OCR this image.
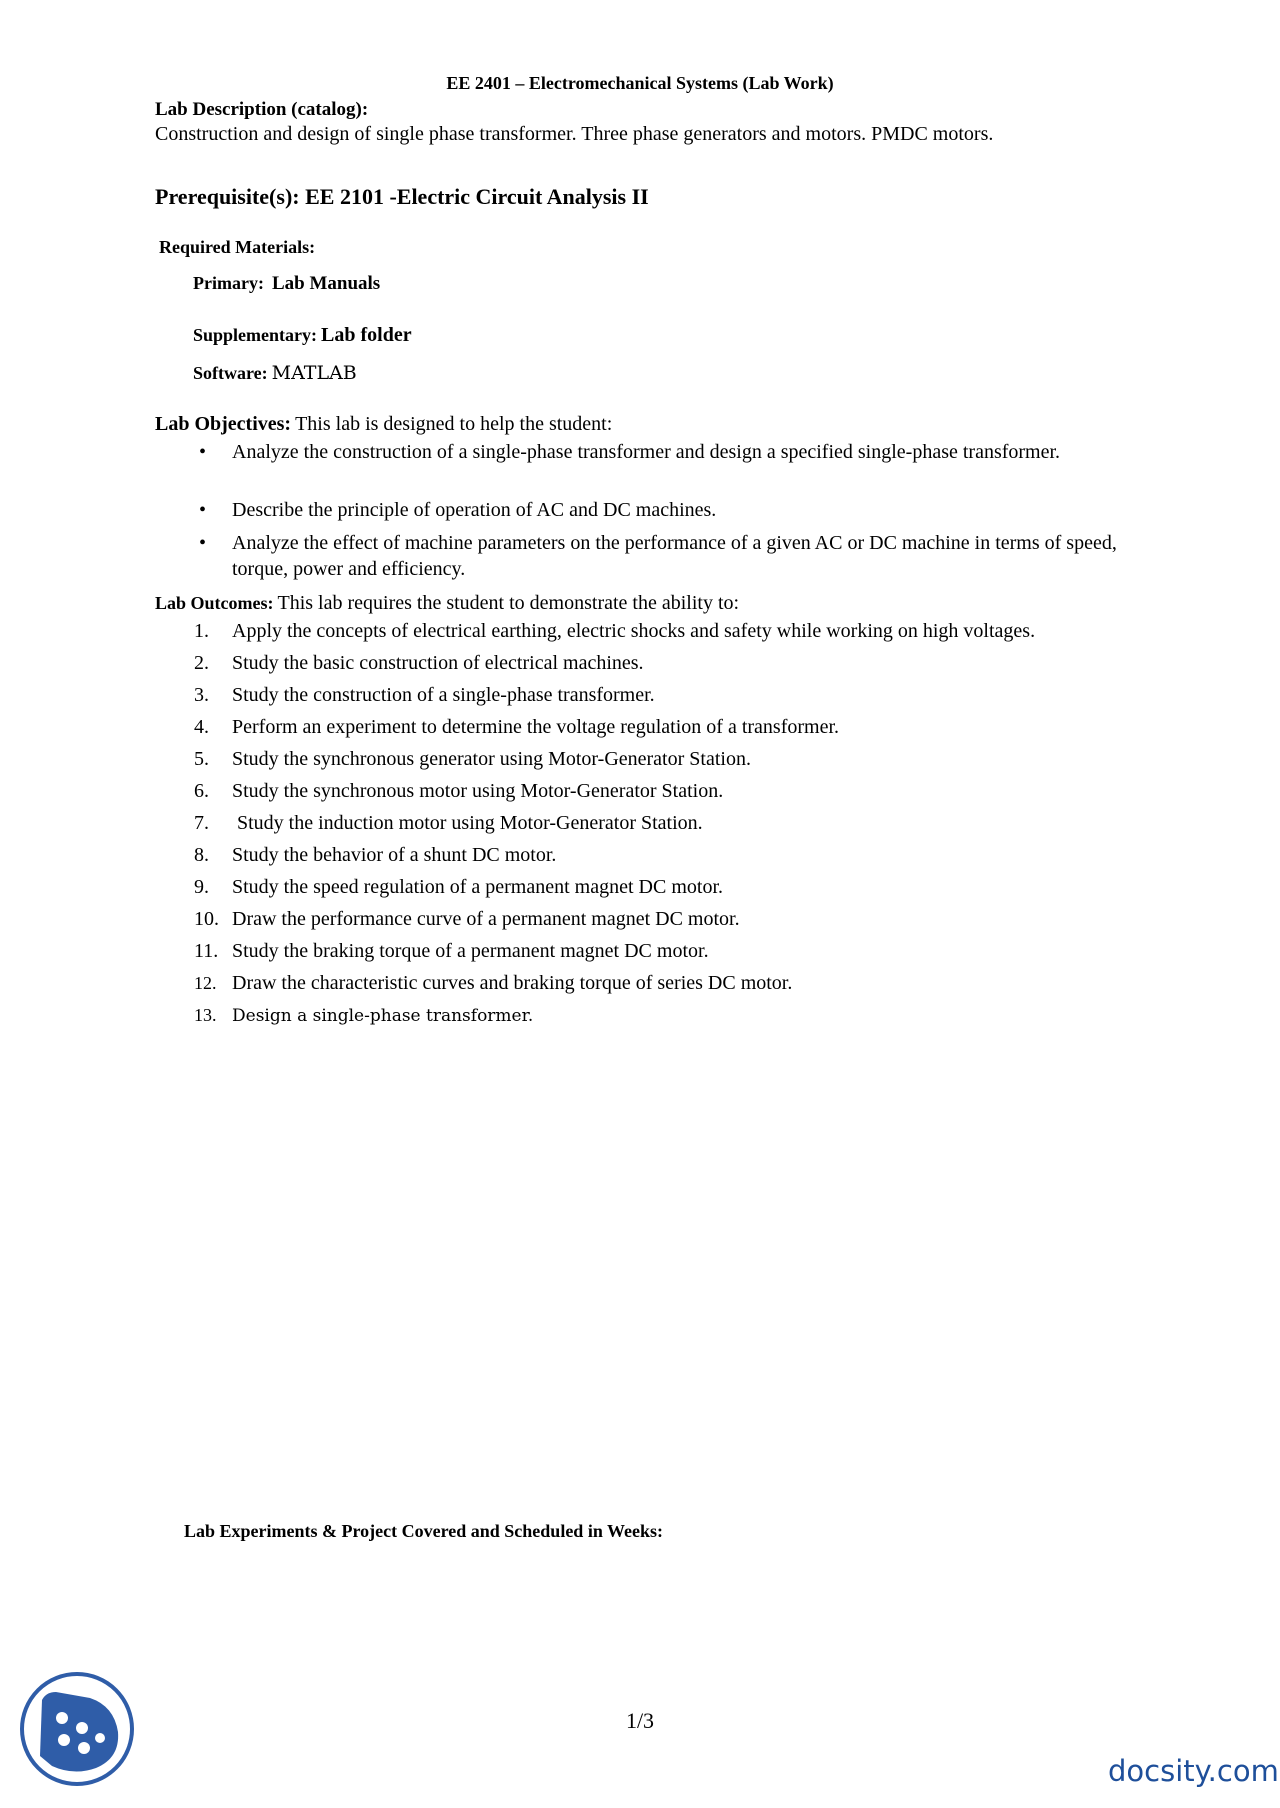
EE 2401 – Electromechanical Systems (Lab Work)
Lab Description (catalog):
Construction and design of single phase transformer. Three phase generators and motors. PMDC motors.
Prerequisite(s): EE 2101 -Electric Circuit Analysis II
Required Materials:
Primary: Lab Manuals
Supplementary: Lab folder
Software: MATLAB
Lab Objectives: This lab is designed to help the student:
• Analyze the construction of a single-phase transformer and design a specified single-phase transformer.
• Describe the principle of operation of AC and DC machines.
• Analyze the effect of machine parameters on the performance of a given AC or DC machine in terms of speed, torque, power and efficiency.
Lab Outcomes: This lab requires the student to demonstrate the ability to:
1. Apply the concepts of electrical earthing, electric shocks and safety while working on high voltages.
2. Study the basic construction of electrical machines.
3. Study the construction of a single-phase transformer.
4. Perform an experiment to determine the voltage regulation of a transformer.
5. Study the synchronous generator using Motor-Generator Station.
6. Study the synchronous motor using Motor-Generator Station.
7. Study the induction motor using Motor-Generator Station.
8. Study the behavior of a shunt DC motor.
9. Study the speed regulation of a permanent magnet DC motor.
10. Draw the performance curve of a permanent magnet DC motor.
11. Study the braking torque of a permanent magnet DC motor.
12. Draw the characteristic curves and braking torque of series DC motor.
13. Design a single-phase transformer.
Lab Experiments & Project Covered and Scheduled in Weeks:
1/3
docsity.com
